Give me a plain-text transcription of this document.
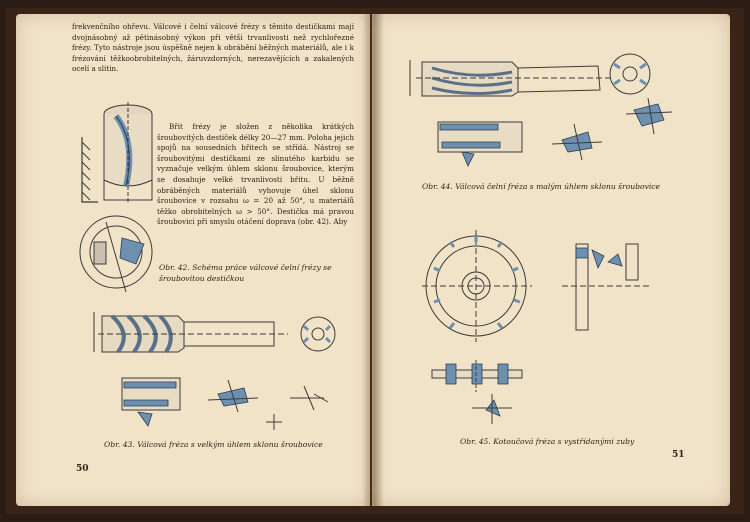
frekvenčního ohřevu. Válcové i čelní válcové frézy s těmito destičkami mají dvojnásobný až pětinásobný výkon při větší trvanlivosti než rychlořezné frézy. Tyto nástroje jsou úspěšně nejen k obrábění běžných materiálů, ale i k frézování těžkoobrobitelných, žáruvzdorných, nerezavějících a zakalených ocelí a slitin.

Břit frézy je složen z několika krátkých šroubovitých destiček délky 20—27 mm. Poloha jejich spojů na sousedních břitech se střídá. Nástroj se šroubovitými destičkami ze slinutého karbidu se vyznačuje velkým úhlem sklonu šroubovice, kterým se dosahuje velké trvanlivosti břitu. U běžně obráběných materiálů vyhovuje úhel sklonu šroubovice v rozsahu ω = 20 až 50°, u materiálů těžko obrobitelných ω > 50°. Destička má pravou šroubovici při smyslu otáčení doprava (obr. 42). Aby

Obr. 42. Schéma práce válcové čelní frézy se šroubovitou destičkou
Obr. 43. Válcová fréza s velkým úhlem sklonu šroubovice
50
Obr. 44. Válcová čelní fréza s malým úhlem sklonu šroubovice
Obr. 45. Kotoučová fréza s vystřídanými zuby
51
